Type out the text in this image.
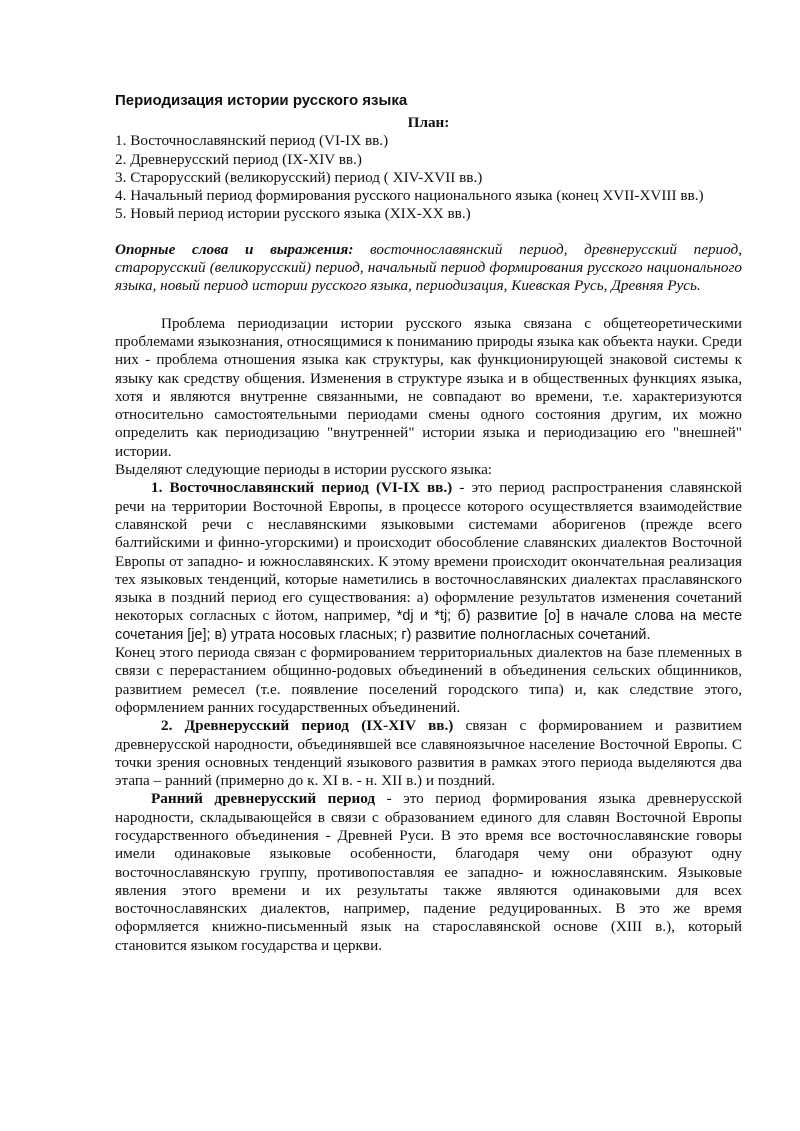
Периодизация истории русского языка
План:
1. Восточнославянский период (VI-IX вв.)
2. Древнерусский период (IX-XIV вв.)
3. Старорусский (великорусский) период ( XIV-XVII вв.)
4. Начальный период формирования русского национального языка (конец XVII-XVIII вв.)
5. Новый период истории русского языка (XIX-XX вв.)

Опорные слова и выражения: восточнославянский период, древнерусский период, старорусский (великорусский) период, начальный период формирования русского национального языка, новый период истории русского языка, периодизация, Киевская Русь, Древняя Русь.

Проблема периодизации истории русского языка связана с общетеоретическими проблемами языкознания, относящимися к пониманию природы языка как объекта науки. Среди них - проблема отношения языка как структуры, как функционирующей знаковой системы к языку как средству общения. Изменения в структуре языка и в общественных функциях языка, хотя и являются внутренне связанными, не совпадают во времени, т.е. характеризуются относительно самостоятельными периодами смены одного состояния другим, их можно определить как периодизацию "внутренней" истории языка и периодизацию его "внешней" истории.

Выделяют следующие периоды в истории русского языка:

1. Восточнославянский период (VI-IX вв.) - это период распространения славянской речи на территории Восточной Европы, в процессе которого осуществляется взаимодействие славянской речи с неславянскими языковыми системами аборигенов (прежде всего балтийскими и финно-угорскими) и происходит обособление славянских диалектов Восточной Европы от западно- и южнославянских. К этому времени происходит окончательная реализация тех языковых тенденций, которые наметились в восточнославянских диалектах праславянского языка в поздний период его существования: а) оформление результатов изменения сочетаний некоторых согласных с йотом, например, *dj и *tj; б) развитие [o] в начале слова на месте сочетания [je]; в) утрата носовых гласных; г) развитие полногласных сочетаний.

Конец этого периода связан с формированием территориальных диалектов на базе племенных в связи с перерастанием общинно-родовых объединений в объединения сельских общинников, развитием ремесел (т.е. появление поселений городского типа) и, как следствие этого, оформлением ранних государственных объединений.

2. Древнерусский период (IX-XIV вв.) связан с формированием и развитием древнерусской народности, объединявшей все славяноязычное население Восточной Европы. С точки зрения основных тенденций языкового развития в рамках этого периода выделяются два этапа – ранний (примерно до к. XI в. - н. XII в.) и поздний.

Ранний древнерусский период - это период формирования языка древнерусской народности, складывающейся в связи с образованием единого для славян Восточной Европы государственного объединения - Древней Руси. В это время все восточнославянские говоры имели одинаковые языковые особенности, благодаря чему они образуют одну восточнославянскую группу, противопоставляя ее западно- и южнославянским. Языковые явления этого времени и их результаты также являются одинаковыми для всех восточнославянских диалектов, например, падение редуцированных. В это же время оформляется книжно-письменный язык на старославянской основе (XIII в.), который становится языком государства и церкви.
